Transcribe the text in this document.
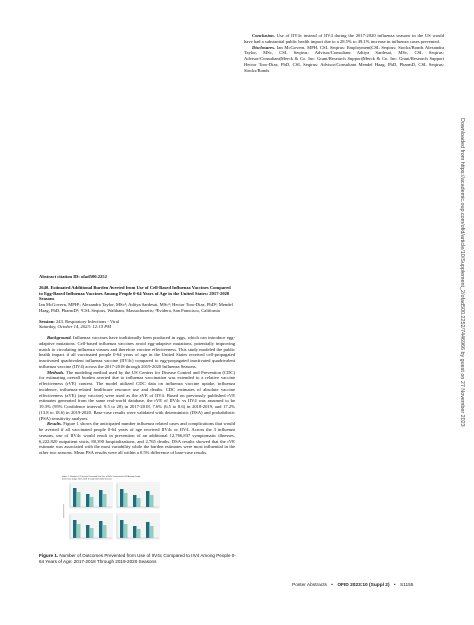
Conclusion. Use of IIV4c instead of IIV4 during the 2017-2020 influenza seasons in the US would have had a substantial public health impact due to a 28.5% to 49.1% increase in influenza cases prevented.

Disclosures. Ian McGovern, MPH, CSL Seqirus: Employment|CSL Seqirus: Stocks/Bonds Alexandra Taylor, MSc, CSL Seqirus: Advisor/Consultant Aditya Sardesai, MSc, CSL Seqirus: Advisor/Consultant|Merck & Co. Inc: Grant/Research Support|Merck & Co. Inc: Grant/Research Support Hector Toro-Diaz, PhD, CSL Seqirus: Advisor/Consultant Mendel Haag, PhD, PharmD, CSL Seqirus: Stocks/Bonds

Abstract citation ID: ofad500.2252

2640. Estimated Additional Burden Averted from Use of Cell-Based Influenza Vaccines Compared to Egg-Based Influenza Vaccines Among People 0-64 Years of Age in the United States: 2017-2020 Seasons

Ian McGovern, MPH¹; Alexandra Taylor, MSc²; Aditya Sardesai, MSc²; Hector Toro-Diaz, PhD²; Mendel Haag, PhD, PharmD³; ¹CSL Seqirus, Waltham, Massachusetts; ²Evidera, San Francisco, California

Session: 243. Respiratory Infections - Viral

Saturday, October 14, 2023: 12:15 PM

Background. Influenza vaccines have traditionally been produced in eggs, which can introduce egg-adaptive mutations. Cell-based influenza vaccines avoid egg-adaptive mutations, potentially improving match to circulating influenza viruses and therefore vaccine effectiveness. This study modeled the public health impact if all vaccinated people 0-64 years of age in the United States received cell-propagated inactivated quadrivalent influenza vaccine (IIV4c) compared to egg-propagated inactivated quadrivalent influenza vaccine (IIV4) across the 2017-2018 through 2019-2020 Influenza Seasons.

Methods. The modeling method used by the US Centers for Disease Control and Prevention (CDC) for estimating overall burden averted due to influenza vaccination was extended to a relative vaccine effectiveness (rVE) context. The model utilized CDC data on influenza vaccine uptake, influenza incidence, influenza-related healthcare resource use and deaths. CDC estimates of absolute vaccine effectiveness (aVE) (any vaccine) were used as the aVE of IIV4. Based on previously published rVE estimates generated from the same real-world database, the rVE of IIV4c vs IIV4 was assumed to be 19.3% (95% Confidence interval: 9.5 to 28) in 2017-2018, 7.6% (6.5 to 8.6) in 2018-2019, and 17.2% (13.8 to 18.6) in 2019-2020. Base-case results were validated with deterministic (DSA) and probabilistic (PSA) sensitivity analyses.

Results. Figure 1 shows the anticipated number influenza related cases and complications that would be averted if all vaccinated people 0-64 years of age received IIV4c or IIV4. Across the 3 influenza seasons, use of IIV4c would result in prevention of an additional 12,766,837 symptomatic illnesses, 6,222,820 outpatient visits, 80,390 hospitalizations, and 2,765 deaths. DSA results showed that the rVE estimate was associated with the most variability while the burden estimates were most influential in the other two seasons. Mean PSA results were all within a 0.5% difference of base-case results.

Figure 1: Number of Outcomes Prevented from Use of IIV4c Compared to IIV4 Among People 0-64 Years of Age: 2017-2018 Through 2019-2020 Seasons
Figure 1. Number of Outcomes Prevented from Use of IIV4c Compared to IIV4 Among People 0-64 Years of Age: 2017-2018 Through 2019-2020 Seasons
Downloaded from https://academic.oup.com/ofid/article/10/Supplement_2/ofad500.2252/7446966 by guest on 27 November 2023
Poster Abstracts • OFID 2023:10 (Suppl 2) • S1155
